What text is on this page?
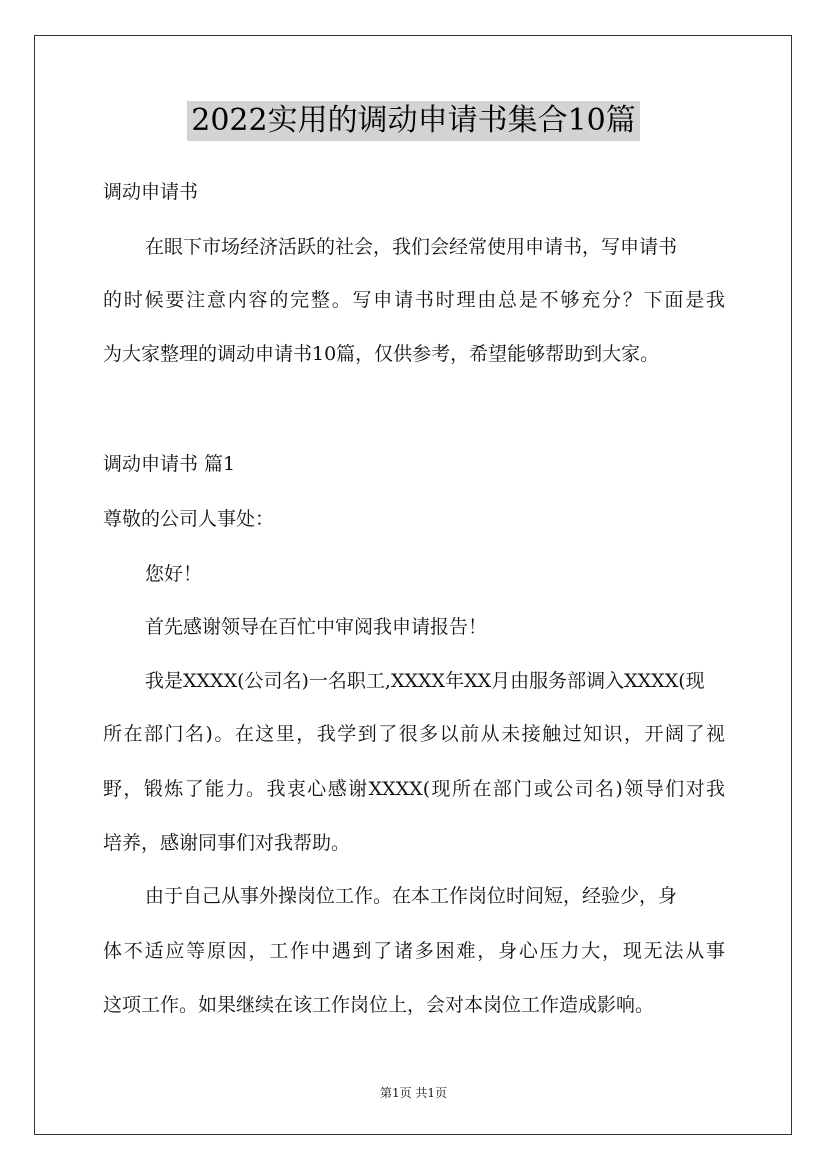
2022实用的调动申请书集合10篇
调动申请书
在眼下市场经济活跃的社会，我们会经常使用申请书，写申请书
的时候要注意内容的完整。写申请书时理由总是不够充分？下面是我
为大家整理的调动申请书10篇，仅供参考，希望能够帮助到大家。
调动申请书 篇1
尊敬的公司人事处：
您好！
首先感谢领导在百忙中审阅我申请报告！
我是XXXX(公司名)一名职工,XXXX年XX月由服务部调入XXXX(现
所在部门名)。在这里，我学到了很多以前从未接触过知识，开阔了视
野，锻炼了能力。我衷心感谢XXXX(现所在部门或公司名)领导们对我
培养，感谢同事们对我帮助。
由于自己从事外操岗位工作。在本工作岗位时间短，经验少，身
体不适应等原因，工作中遇到了诸多困难，身心压力大，现无法从事
这项工作。如果继续在该工作岗位上，会对本岗位工作造成影响。
第1页 共1页
